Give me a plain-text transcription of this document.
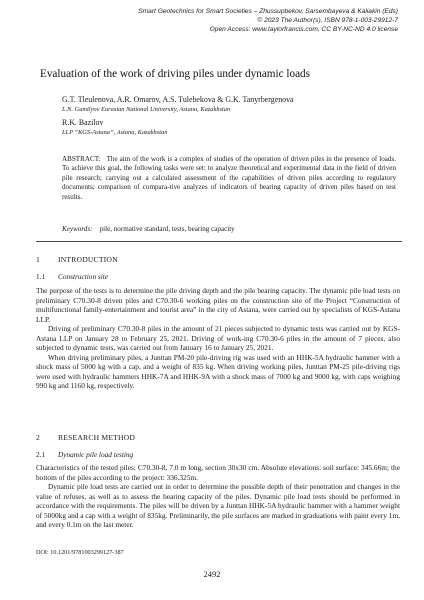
Smart Geotechnics for Smart Societies – Zhussupbekov, Sarsembayeva & Kaliakin (Eds)
© 2023 The Author(s), ISBN 978-1-003-29912-7
Open Access: www.taylorfrancis.com, CC BY-NC-ND 4.0 license
Evaluation of the work of driving piles under dynamic loads
G.T. Tleulenova, A.R. Omarov, A.S. Tulebekova & G.K. Tanyrbergenova
L.N. Gumilyov Eurasian National University, Astana, Kazakhstan
R.K. Bazilov
LLP “KGS-Astana”, Astana, Kazakhstan
ABSTRACT: The aim of the work is a complex of studies of the operation of driven piles in the presence of loads. To achieve this goal, the following tasks were set: to analyze theoretical and experimental data in the field of driven pile research; carrying out a calculated assessment of the capabilities of driven piles according to regulatory documents; comparison of compara-tive analyzes of indicators of bearing capacity of driven piles based on test results.
Keywords: pile, normative standard, tests, bearing capacity
1 INTRODUCTION
1.1 Construction site

The purpose of the tests is to determine the pile driving depth and the pile bearing capacity. The dynamic pile load tests on preliminary C70.30-8 driven piles and C70.30-6 working piles on the construction site of the Project “Construction of multifunctional family-entertainment and tourist area” in the city of Astana, were carried out by specialists of KGS-Astana LLP.

Driving of preliminary C70.30-8 piles in the amount of 21 pieces subjected to dynamic tests was carried out by KGS-Astana LLP on January 28 to February 25, 2021. Driving of work-ing C70.30-6 piles in the amount of 7 pieces, also subjected to dynamic tests, was carried out from January 16 to January 25, 2021.

When driving preliminary piles, a Junttan PM-20 pile-driving rig was used with an HHK-5A hydraulic hammer with a shock mass of 5000 kg with a cap, and a weight of 835 kg. When driving working piles, Junttan PM-25 pile-driving rigs were used with hydraulic hammers HHK-7A and HHK-9A with a shock mass of 7000 kg and 9000 kg, with caps weighing 990 kg and 1160 kg, respectively.

2 RESEARCH METHOD
2.1 Dynamic pile load testing

Characteristics of the tested piles: C70.30-8, 7.0 m long, section 30x30 cm. Absolute elevations: soil surface: 345.66m; the bottom of the piles according to the project: 336.325m.

Dynamic pile load tests are carried out in order to determine the possible depth of their penetration and changes in the value of refuses, as well as to assess the bearing capacity of the piles. Dynamic pile load tests should be performed in accordance with the requirements. The piles will be driven by a Junttan HHK-5A hydraulic hammer with a hammer weight of 5000kg and a cap with a weight of 835kg. Preliminarily, the pile surfaces are marked in graduations with paint every 1m, and every 0.1m on the last meter.

DOI: 10.1201/9781003299127-387
2492
